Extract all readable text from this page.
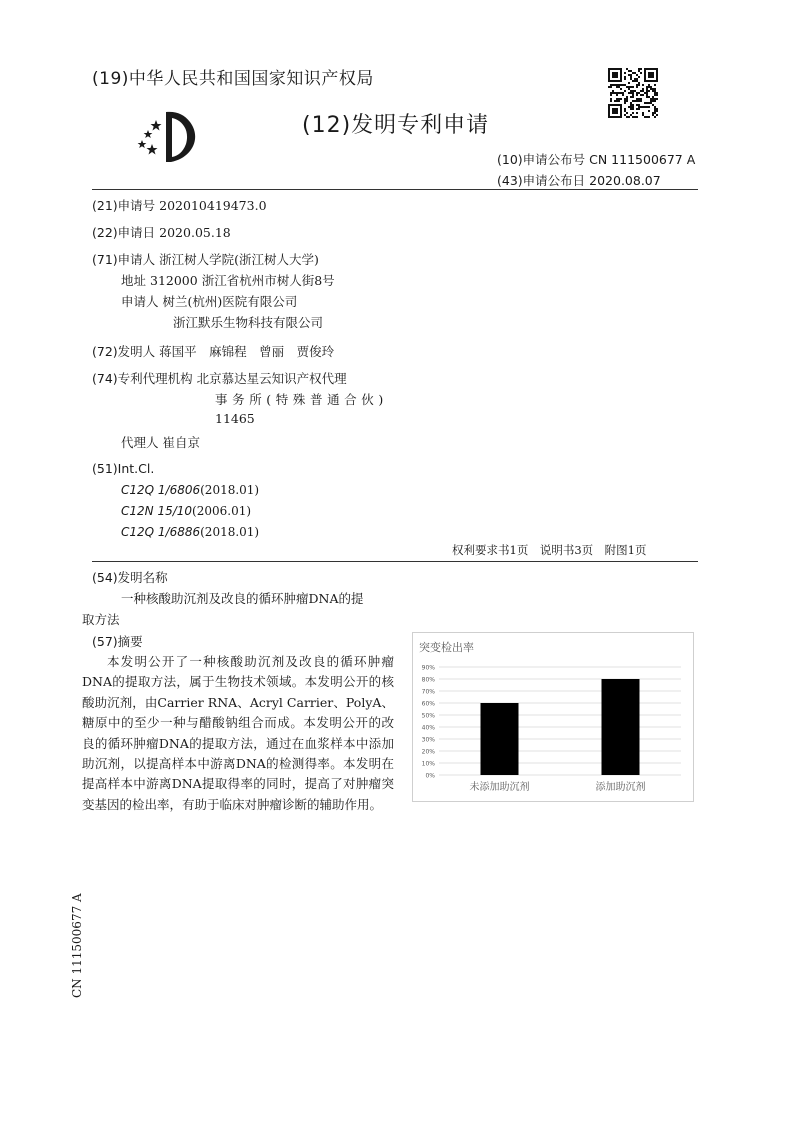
(19)中华人民共和国国家知识产权局
(12)发明专利申请
(10)申请公布号 CN 111500677 A
(43)申请公布日 2020.08.07
(21)申请号 202010419473.0
(22)申请日 2020.05.18
(71)申请人 浙江树人学院(浙江树人大学)
地址 312000 浙江省杭州市树人街8号
申请人 树兰(杭州)医院有限公司
浙江默乐生物科技有限公司
(72)发明人 蒋国平　麻锦程　曾丽　贾俊玲
(74)专利代理机构 北京慕达星云知识产权代理
事务所(特殊普通合伙)
11465
代理人 崔自京
(51)Int.Cl.
C12Q 1/6806(2018.01)
C12N 15/10(2006.01)
C12Q 1/6886(2018.01)
权利要求书1页　说明书3页　附图1页
(54)发明名称
一种核酸助沉剂及改良的循环肿瘤DNA的提
取方法
(57)摘要

本发明公开了一种核酸助沉剂及改良的循环肿瘤DNA的提取方法，属于生物技术领域。本发明公开的核酸助沉剂，由Carrier RNA、Acryl Carrier、PolyA、糖原中的至少一种与醋酸钠组合而成。本发明公开的改良的循环肿瘤DNA的提取方法，通过在血浆样本中添加助沉剂，以提高样本中游离DNA的检测得率。本发明在提高样本中游离DNA提取得率的同时，提高了对肿瘤突变基因的检出率，有助于临床对肿瘤诊断的辅助作用。

突变检出率
0%
10%
20%
30%
40%
50%
60%
70%
80%
90%
未添加助沉剂	添加助沉剂
CN 111500677 A
